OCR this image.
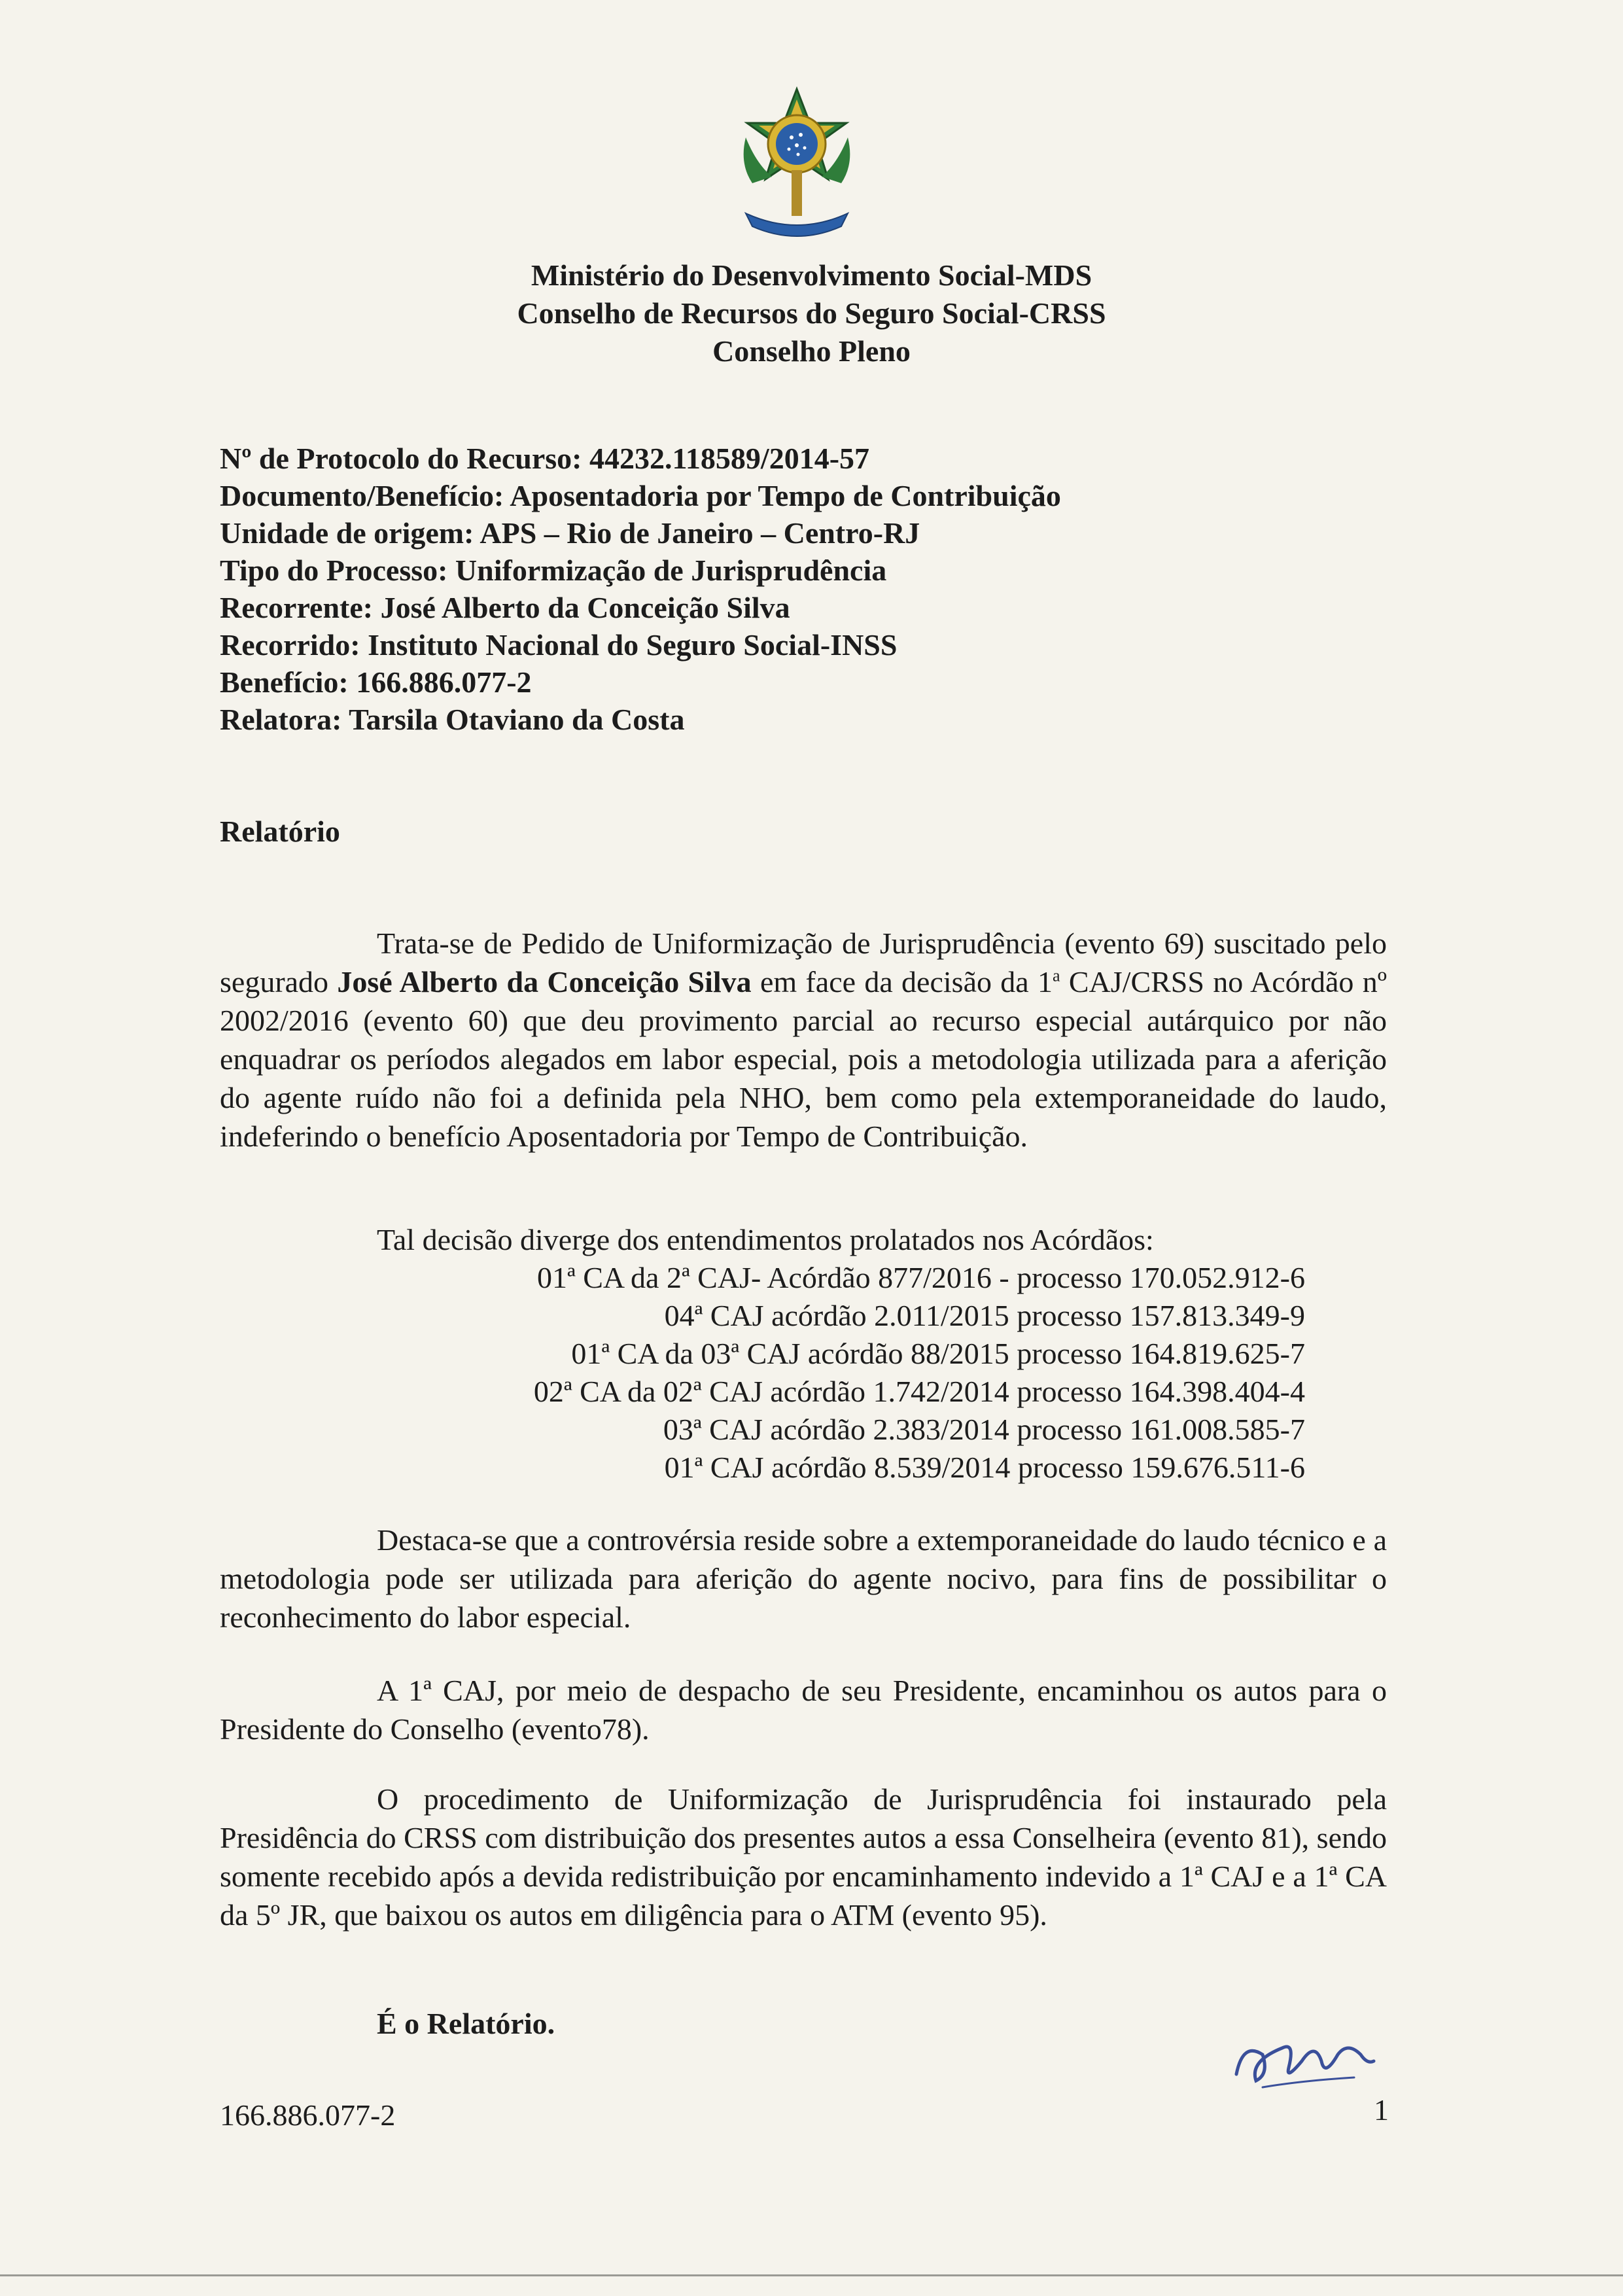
Ministério do Desenvolvimento Social-MDS
Conselho de Recursos do Seguro Social-CRSS
Conselho Pleno
Nº de Protocolo do Recurso: 44232.118589/2014-57
Documento/Benefício: Aposentadoria por Tempo de Contribuição
Unidade de origem: APS – Rio de Janeiro – Centro-RJ
Tipo do Processo: Uniformização de Jurisprudência
Recorrente: José Alberto da Conceição Silva
Recorrido: Instituto Nacional do Seguro Social-INSS
Benefício: 166.886.077-2
Relatora: Tarsila Otaviano da Costa
Relatório
Trata-se de Pedido de Uniformização de Jurisprudência (evento 69) suscitado pelo segurado José Alberto da Conceição Silva em face da decisão da 1$^a$ CAJ/CRSS no Acórdão nº 2002/2016 (evento 60) que deu provimento parcial ao recurso especial autárquico por não enquadrar os períodos alegados em labor especial, pois a metodologia utilizada para a aferição do agente ruído não foi a definida pela NHO, bem como pela extemporaneidade do laudo, indeferindo o benefício Aposentadoria por Tempo de Contribuição.
Tal decisão diverge dos entendimentos prolatados nos Acórdãos:
01ª CA da 2ª CAJ- Acórdão 877/2016 - processo 170.052.912-6
04ª CAJ acórdão 2.011/2015 processo 157.813.349-9
01ª CA da 03ª CAJ acórdão 88/2015 processo 164.819.625-7
02ª CA da 02ª CAJ acórdão 1.742/2014 processo 164.398.404-4
03ª CAJ acórdão 2.383/2014 processo 161.008.585-7
01ª CAJ acórdão 8.539/2014 processo 159.676.511-6
Destaca-se que a controvérsia reside sobre a extemporaneidade do laudo técnico e a metodologia pode ser utilizada para aferição do agente nocivo, para fins de possibilitar o reconhecimento do labor especial.
A 1ª CAJ, por meio de despacho de seu Presidente, encaminhou os autos para o Presidente do Conselho (evento78).
O procedimento de Uniformização de Jurisprudência foi instaurado pela Presidência do CRSS com distribuição dos presentes autos a essa Conselheira (evento 81), sendo somente recebido após a devida redistribuição por encaminhamento indevido a 1ª CAJ e a 1ª CA da 5º JR, que baixou os autos em diligência para o ATM (evento 95).
É o Relatório.
166.886.077-2	1
